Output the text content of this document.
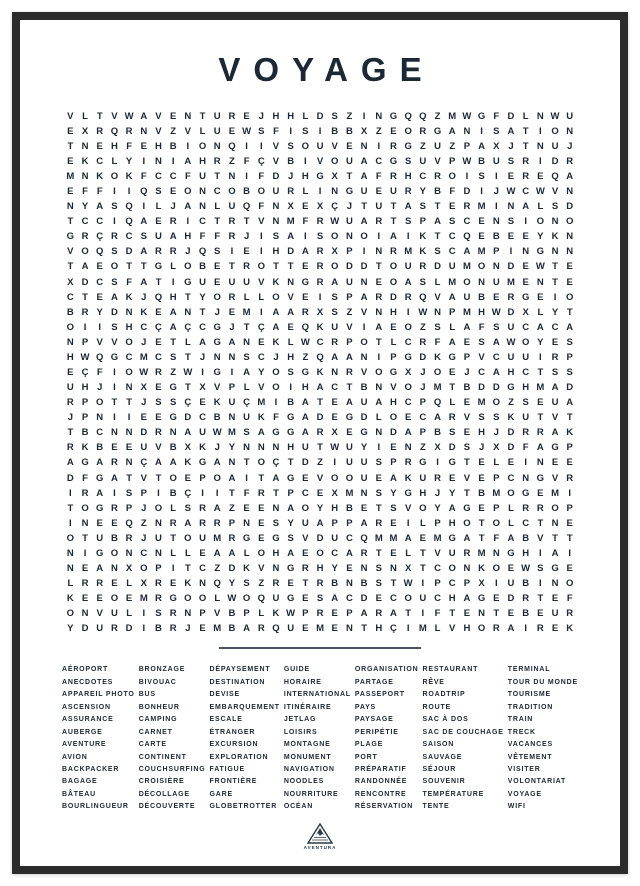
VOYAGE
V L T V W A V E N T U R E J H H L D S Z	I	N G Q Q Z M W G F D L N W U
E X R Q R N V Z V L U E W S F	I	S	I	B B X Z E O R G A N	I	S A T	I	O N
T N E H F E H B	I	O N Q	I	I	V S O U V E N	I	R G Z U Z P A X J T N U J
E K C L Y	I	N	I	A H R Z F Ç V B	I	V O U A C G S U V P W B U S R	I	D R
M N K O K F C C F U T N	I	F D J H G X T A F R H C R O	I	S	I	E R E Q A
E F F	I	I	Q S E O N C O B O U R L	I	N G U E U R Y B F D	I	J W C W V N
N Y A S Q	I	L J A N L U Q F N X E X Ç J T U T A S T E R M I	N A L S D
T C C	I	Q A E R	I	C T R T V N M F R W U A R T S P A S C E N S	I	O N O
G R Ç R C S U A H F F R J	I	S A	I	S O N O	I	A	I	K T C Q E B E E Y K N
V O Q S D A R R J Q S	I	E	I	H D A R X P	I	N R M K S C A M P	I	N G N N
T A E O T T G L O B E T R O T T E R O D D T O U R D U M O N D E W T E
X D C S F A T	I	G U E U U V K N G R A U N E O A S L M O N U M E N T E
C T E A K J Q H T Y O R L L O V E	I	S P A R D R Q V A U B E R G E	I	O
B R Y D N K E A N T J E M I	A A R X S Z V N H	I W N P M H W D X L Y T
O	I	I	S H C Ç A Ç C G J T Ç A E Q K U V	I	A E O Z S L A F S U C A C A
N P V V O J E T L A G A N E K L W C R P O T L C R F A E S A W O Y E S
H W Q G C M C S T J N N S C J H Z Q A A N	I	P G D K G P V C U U	I	R P
E Ç F	I	O W R Z W I	G	I	A Y O S G K N R V O G X J O E J C A H C T S S
U H J	I	N X E G T X V P L V O	I	H A C T B N V O J M T B D D G H M A D
R P O T T J S S Ç E K U Ç M I	B A T E A U A H C P Q L E M O Z S E U A
J P N	I	I	E E G D C B N U K F G A D E G D L O E C A R V S S K U T V T
T B C N N D R N A U W M S A G G A R X E G N D A P B S E H J D R R A K
R K B E E U V B X K J Y N N N H U T W U Y	I	E N Z X D S J X D F A G P
A G A R N Ç A A K G A N T O Ç T D Z	I	U U S P R G	I	G T E L E	I	N E E
D F G A T V T O E P O A	I	T A G E V O O U E A K U R E V E P C N G V R
I	R A	I	S P	I	B Ç	I	I	T F R T P C E X M N S Y G H J Y T B M O G E M I
T O G R P J O L S R A Z E E N A O Y H B E T S V O Y A G E P L R R O P
I	N E E Q Z N R A R R P N E S Y U A P P A R E	I	L P H O T O L C T N E
O T U B R J U T O U M R G E G S V D U C Q M M A E M G A T F A B V T T
N	I	G O N C N L L E A A L O H A E O C A R T E L T V U R M N G H	I	A	I
N E A N X O P	I	T C Z D K V N G R H Y E N S N X T C O N K O E W S G E
L R R E L X R E K N Q Y S Z R E T R B N B S T W I	P C P X	I	U B	I	N O
K E E O E M R G O O L W O Q U G E S A C D E C O U C H A G E D R T E F
O N V U L	I	S R N P V B P L K W P R E P A R A T	I	F T E N T E B E U R
Y D U R D	I	B R J E M B A R Q U E M E N T H Ç	I M L V H O R A	I	R E K
AÉROPORT
ANECDOTES
APPAREIL PHOTO
ASCENSION
ASSURANCE
AUBERGE
AVENTURE
AVION
BACKPACKER
BAGAGE
BÂTEAU
BOURLINGUEUR
BRONZAGE
BIVOUAC
BUS
BONHEUR
CAMPING
CARNET
CARTE
CONTINENT
COUCHSURFING
CROISIÈRE
DÉCOLLAGE
DÉCOUVERTE
DÉPAYSEMENT
DESTINATION
DEVISE
EMBARQUEMENT
ESCALE
ÉTRANGER
EXCURSION
EXPLORATION
FATIGUE
FRONTIÈRE
GARE
GLOBETROTTER
GUIDE
HORAIRE
INTERNATIONAL
ITINÉRAIRE
JETLAG
LOISIRS
MONTAGNE
MONUMENT
NAVIGATION
NOODLES
NOURRITURE
OCÉAN
ORGANISATION
PARTAGE
PASSEPORT
PAYS
PAYSAGE
PERIPÉTIE
PLAGE
PORT
PRÉPARATIF
RANDONNÉE
RENCONTRE
RÉSERVATION
RESTAURANT
RÊVE
ROADTRIP
ROUTE
SAC À DOS
SAC DE COUCHAGE
SAISON
SAUVAGE
SÉJOUR
SOUVENIR
TEMPÉRATURE
TENTE
TERMINAL
TOUR DU MONDE
TOURISME
TRADITION
TRAIN
TRECK
VACANCES
VÊTEMENT
VISITER
VOLONTARIAT
VOYAGE
WIFI
AVENTURA
